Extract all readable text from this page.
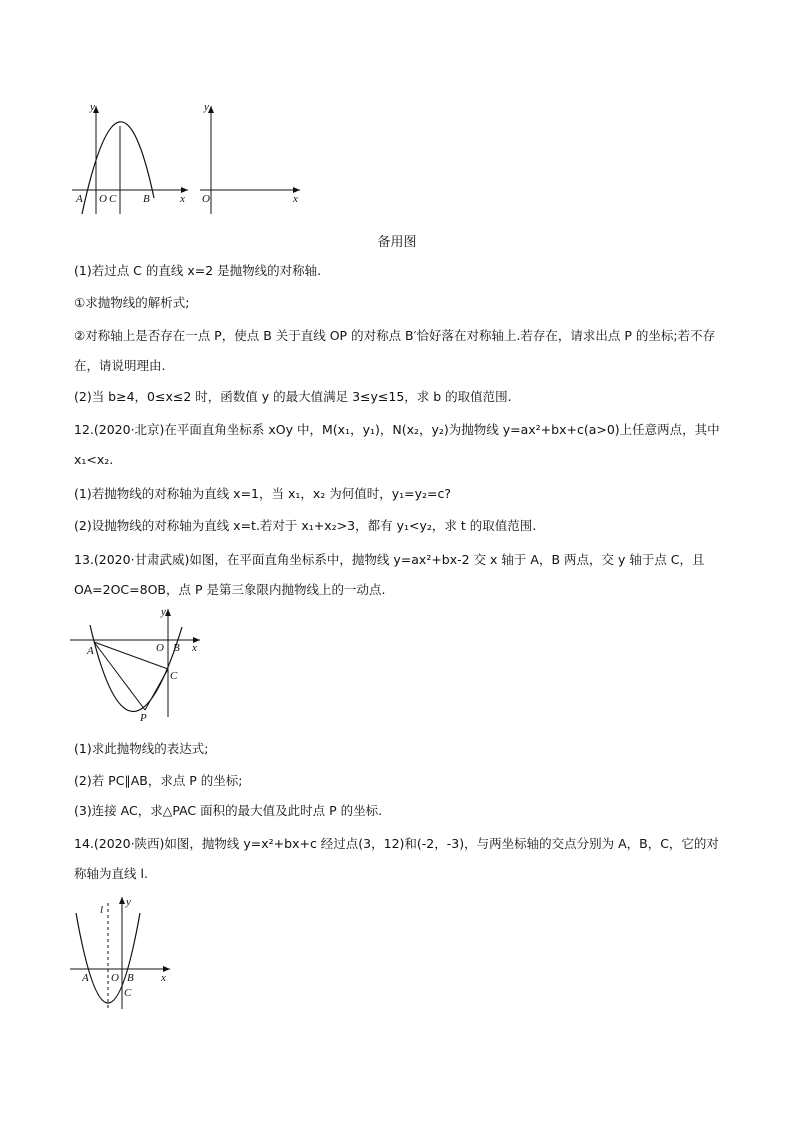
y
x
A O C B
y
x
O
备用图
(1)若过点 C 的直线 x=2 是抛物线的对称轴.
①求抛物线的解析式;
②对称轴上是否存在一点 P，使点 B 关于直线 OP 的对称点 B′恰好落在对称轴上.若存在，请求出点 P 的坐标;若不存在，请说明理由.
(2)当 b≥4，0≤x≤2 时，函数值 y 的最大值满足 3≤y≤15，求 b 的取值范围.
12.(2020·北京)在平面直角坐标系 xOy 中，M(x₁，y₁)，N(x₂，y₂)为抛物线 y=ax²+bx+c(a>0)上任意两点，其中 x₁<x₂.
(1)若抛物线的对称轴为直线 x=1，当 x₁，x₂ 为何值时，y₁=y₂=c?
(2)设抛物线的对称轴为直线 x=t.若对于 x₁+x₂>3，都有 y₁<y₂，求 t 的取值范围.
13.(2020·甘肃武威)如图，在平面直角坐标系中，抛物线 y=ax²+bx-2 交 x 轴于 A，B 两点，交 y 轴于点 C，且 OA=2OC=8OB，点 P 是第三象限内抛物线上的一动点.
y
x
A	O B
C
P
(1)求此抛物线的表达式;
(2)若 PC∥AB，求点 P 的坐标;
(3)连接 AC，求△PAC 面积的最大值及此时点 P 的坐标.
14.(2020·陕西)如图，抛物线 y=x²+bx+c 经过点(3，12)和(-2，-3)，与两坐标轴的交点分别为 A，B，C，它的对称轴为直线 l.
l
y
x
A O B
C
